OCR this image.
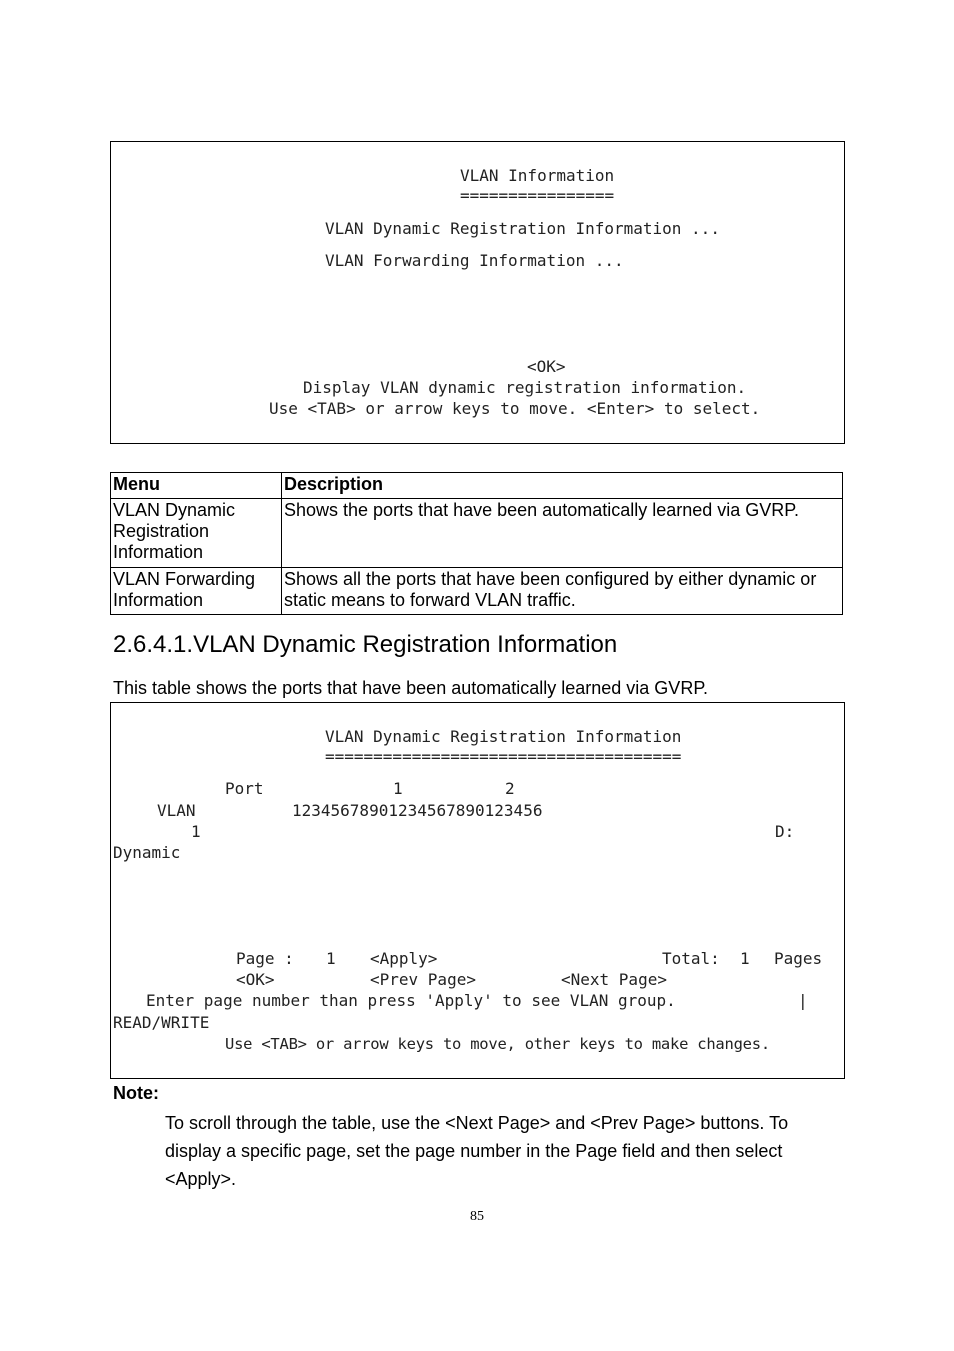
VLAN Information
================
VLAN Dynamic Registration Information ...
VLAN Forwarding Information ...
<OK>
Display VLAN dynamic registration information.
Use <TAB> or arrow keys to move. <Enter> to select.
Menu	Description
VLAN Dynamic Registration Information	Shows the ports that have been automatically learned via GVRP.
VLAN Forwarding Information	Shows all the ports that have been configured by either dynamic or static means to forward VLAN traffic.
2.6.4.1.VLAN Dynamic Registration Information
This table shows the ports that have been automatically learned via GVRP.
VLAN Dynamic Registration Information
=====================================
Port	1	2
VLAN	12345678901234567890123456
1	D:
Dynamic
Page : 1 <Apply>	Total: 1 Pages
<OK>	<Prev Page>	<Next Page>
Enter page number than press 'Apply' to see VLAN group.	|
READ/WRITE
Use <TAB> or arrow keys to move, other keys to make changes.
Note:
To scroll through the table, use the <Next Page> and <Prev Page> buttons. To display a specific page, set the page number in the Page field and then select <Apply>.
85
